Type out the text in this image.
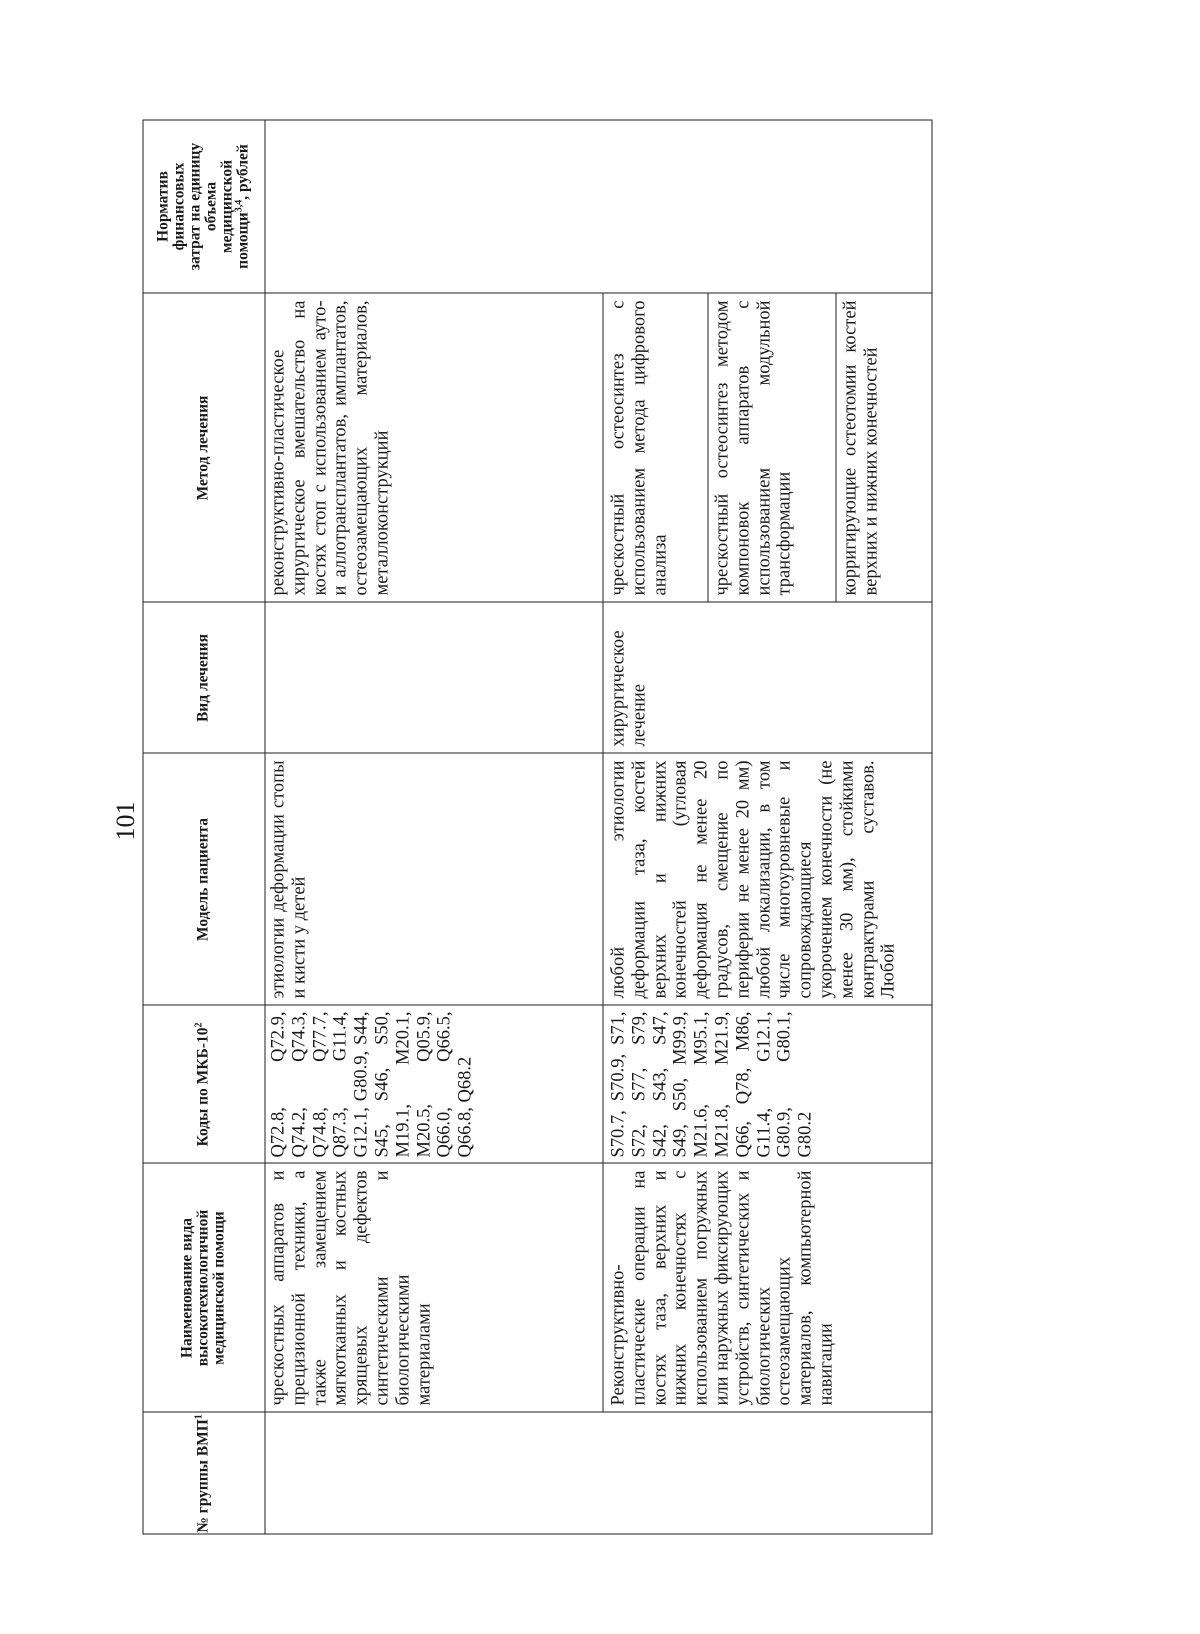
101
№ группы ВМП$^1$
Наименование вида высокотехнологичной медицинской помощи
Коды по МКБ-$10^2$
Модель пациента
Вид лечения
Метод лечения
Норматив финансовых затрат на единицу объема медицинской помощи$^{3,4}$, рублей
чрескостных аппаратов и прецизионной техники, а также замещением мягкотканных и костных хрящевых дефектов синтетическими и биологическими материалами
Q72.8, Q72.9, Q74.2, Q74.3, Q74.8, Q77.7, Q87.3, G11.4, G12.1, G80.9, S44, S45, S46, S50, M19.1, M20.1, M20.5, Q05.9, Q66.0, Q66.5, Q66.8, Q68.2
этиологии деформации стопы и кисти у детей
реконструктивно-пластическое хирургическое вмешательство на костях стоп с использованием ауто- и аллотрансплантатов, имплантатов, остеозамещающих материалов, металлоконструкций
Реконструктивно-пластические операции на костях таза, верхних и нижних конечностях с использованием погружных или наружных фиксирующих устройств, синтетических и биологических остеозамещающих материалов, компьютерной навигации
S70.7, S70.9, S71, S72, S77, S79, S42, S43, S47, S49, S50, M99.9, M21.6, M95.1, M21.8, M21.9, Q66, Q78, M86, G11.4, G12.1, G80.9, G80.1, G80.2
любой этиологии деформации таза, костей верхних и нижних конечностей (угловая деформация не менее 20 градусов, смещение по периферии не менее 20 мм) любой локализации, в том числе многоуровневые и сопровождающиеся укорочением конечности (не менее 30 мм), стойкими контрактурами суставов. Любой
хирургическое лечение
чрескостный остеосинтез с использованием метода цифрового анализа	чрескостный остеосинтез методом компоновок аппаратов с использованием модульной трансформации	корригирующие остеотомии костей верхних и нижних конечностей
